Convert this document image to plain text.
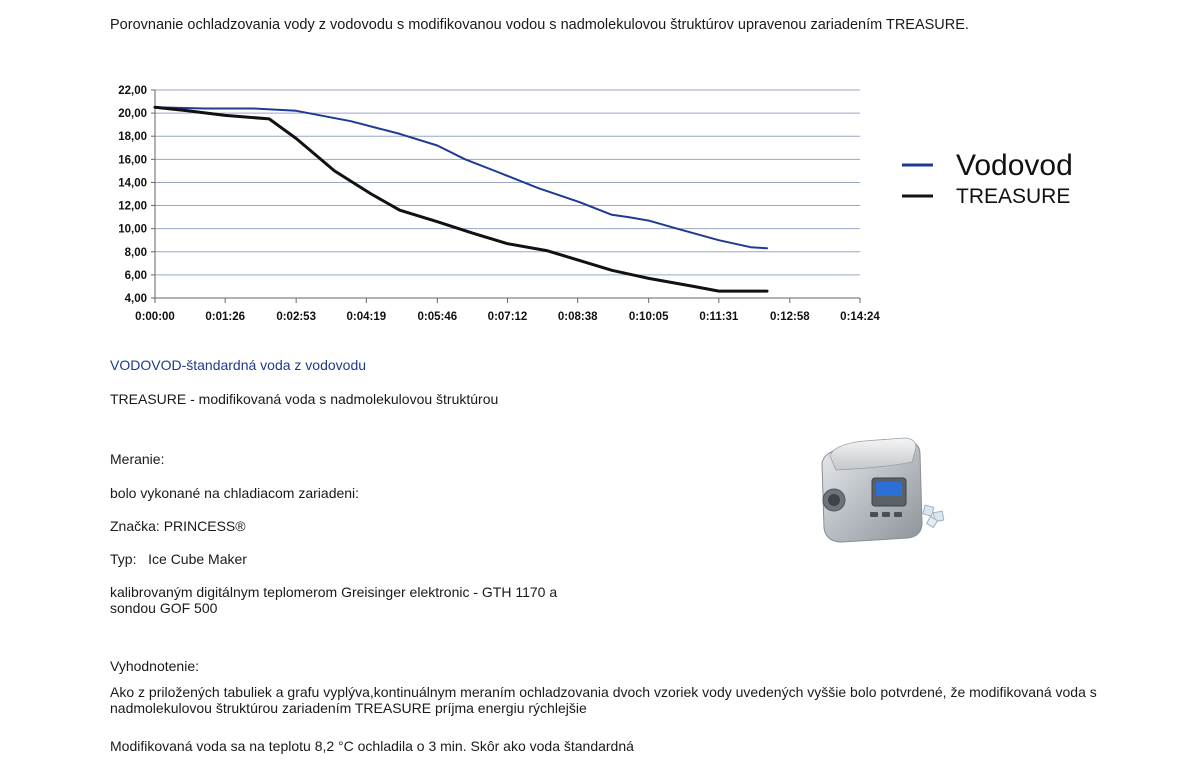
Porovnanie ochladzovania vody z vodovodu s modifikovanou vodou s nadmolekulovou štruktúrov upravenou zariadením TREASURE.
4,00
6,00
8,00
10,00
12,00
14,00
16,00
18,00
20,00
22,00
0:00:00	0:01:26	0:02:53	0:04:19	0:05:46	0:07:12	0:08:38	0:10:05	0:11:31	0:12:58	0:14:24
Vodovod
TREASURE
VODOVOD-štandardná voda z vodovodu
TREASURE - modifikovaná voda s nadmolekulovou štruktúrou
Meranie:
bolo vykonané na chladiacom zariadeni:
Značka: PRINCESS®
Typ:   Ice Cube Maker
kalibrovaným digitálnym teplomerom Greisinger elektronic - GTH 1170 a sondou GOF 500
Vyhodnotenie:
Ako z priložených tabuliek a grafu vyplýva,kontinuálnym meraním ochladzovania dvoch vzoriek vody uvedených vyššie bolo potvrdené, že modifikovaná voda s nadmolekulovou štruktúrou zariadením TREASURE príjma energiu rýchlejšie
Modifikovaná voda sa na teplotu 8,2 °C ochladila o 3 min. Skôr ako voda štandardná
